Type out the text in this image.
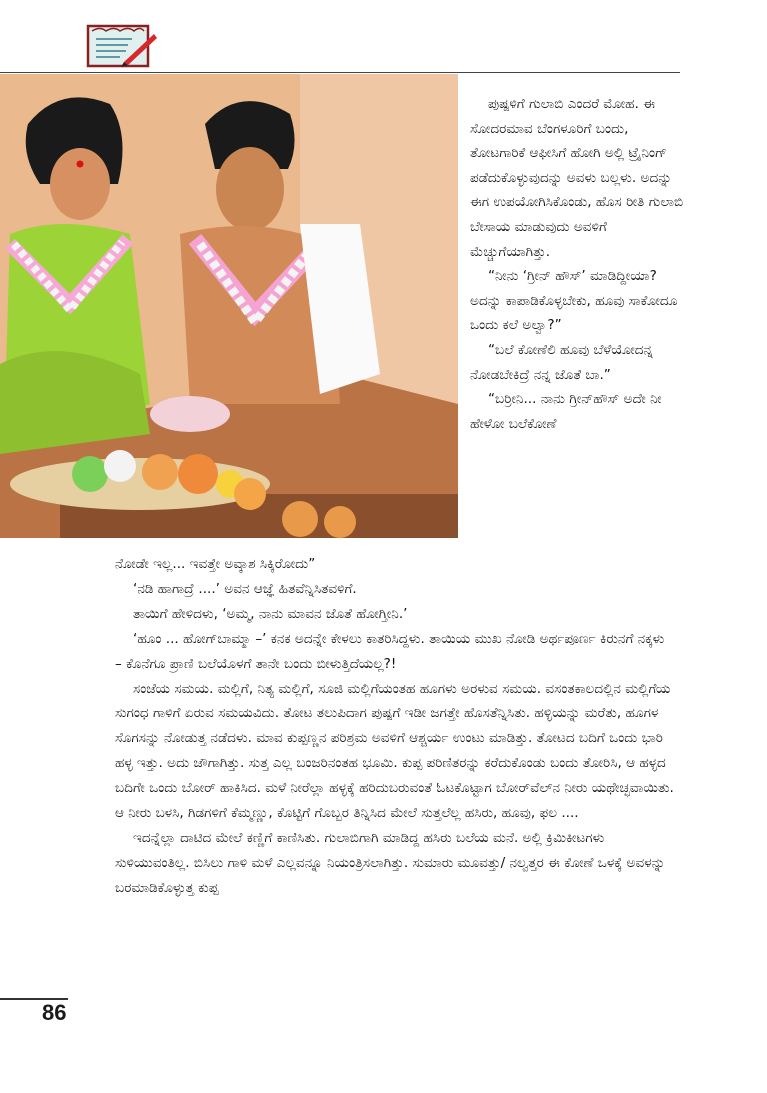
ಪುಷ್ಪಳಿಗೆ ಗುಲಾಬಿ ಎಂದರೆ ಮೋಹ. ಈ ಸೋದರಮಾವ ಬೆಂಗಳೂರಿಗೆ ಬಂದು, ತೋಟಗಾರಿಕೆ ಆಫೀಸಿಗೆ ಹೋಗಿ ಅಲ್ಲಿ ಟ್ರೈನಿಂಗ್ ಪಡೆದುಕೊಳ್ಳುವುದನ್ನು ಅವಳು ಬಲ್ಲಳು. ಅದನ್ನು ಈಗ ಉಪಯೋಗಿಸಿಕೊಂಡು, ಹೊಸ ರೀತಿ ಗುಲಾಬಿ ಬೇಸಾಯ ಮಾಡುವುದು ಅವಳಿಗೆ ಮೆಚ್ಚುಗೆಯಾಗಿತ್ತು.

“ನೀನು ‘ಗ್ರೀನ್ ಹೌಸ್’ ಮಾಡಿದ್ದೀಯಾ? ಅದನ್ನು ಕಾಪಾಡಿಕೊಳ್ಳಬೇಕು, ಹೂವು ಸಾಕೋದೂ ಒಂದು ಕಲೆ ಅಲ್ವಾ?”

“ಬಲೆ ಕೋಣೆಲಿ ಹೂವು ಬೆಳೆಯೋದನ್ನ ನೋಡಬೇಕಿದ್ರೆ ನನ್ನ ಜೊತೆ ಬಾ.”

“ಬರ್‍ರೀನಿ... ನಾನು ಗ್ರೀನ್‌ಹೌಸ್ ಅದೇ ನೀ ಹೇಳೋ ಬಲೆಕೋಣೆ

ನೋಡೇ ಇಲ್ಲ... ಇವತ್ತೇ ಅವ್ಕಾಶ ಸಿಕ್ಕಿರೋದು”

‘ನಡಿ ಹಾಗಾದ್ರೆ ....’ ಅವನ ಆಜ್ಞೆ ಹಿತವೆನ್ನಿಸಿತವಳಿಗೆ.

ತಾಯಿಗೆ ಹೇಳಿದಳು, ‘ಅಮ್ಮ, ನಾನು ಮಾವನ ಜೊತೆ ಹೋಗ್ತೀನಿ.’

‘ಹೂಂ ... ಹೋಗ್‌ಬಾಮ್ಮಾ –’ ಕನಕ ಅದನ್ನೇ ಕೇಳಲು ಕಾತರಿಸಿದ್ದಳು. ತಾಯಿಯ ಮುಖ ನೋಡಿ ಅರ್ಥಪೂರ್ಣ ಕಿರುನಗೆ ನಕ್ಕಳು – ಕೊನೆಗೂ ಪ್ರಾಣಿ ಬಲೆಯೊಳಗೆ ತಾನೇ ಬಂದು ಬೀಳುತ್ತಿದೆಯಲ್ಲ?!

ಸಂಜೆಯ ಸಮಯ. ಮಲ್ಲಿಗೆ, ನಿತ್ಯ ಮಲ್ಲಿಗೆ, ಸೂಜಿ ಮಲ್ಲಿಗೆಯಂತಹ ಹೂಗಳು ಅರಳುವ ಸಮಯ. ವಸಂತಕಾಲದಲ್ಲಿನ ಮಲ್ಲಿಗೆಯ ಸುಗಂಧ ಗಾಳಿಗೆ ಏರುವ ಸಮಯವಿದು. ತೋಟ ತಲುಪಿದಾಗ ಪುಷ್ಪಗೆ ಇಡೀ ಜಗತ್ತೇ ಹೊಸತೆನ್ನಿಸಿತು. ಹಳ್ಳಿಯನ್ನು ಮರೆತು, ಹೂಗಳ ಸೊಗಸನ್ನು ನೋಡುತ್ತ ನಡೆದಳು. ಮಾವ ಕುಪ್ಪಣ್ಣನ ಪರಿಶ್ರಮ ಅವಳಿಗೆ ಆಶ್ಚರ್ಯ ಉಂಟು ಮಾಡಿತ್ತು. ತೋಟದ ಬದಿಗೆ ಒಂದು ಭಾರಿ ಹಳ್ಳ ಇತ್ತು. ಅದು ಜೌಗಾಗಿತ್ತು. ಸುತ್ತ ಎಲ್ಲ ಬಂಜರಿನಂತಹ ಭೂಮಿ. ಕುಪ್ಪ ಪರಿಣಿತರನ್ನು ಕರೆದುಕೊಂಡು ಬಂದು ತೋರಿಸಿ, ಆ ಹಳ್ಳದ ಬದಿಗೇ ಒಂದು ಬೋರ್ ಹಾಕಿಸಿದ. ಮಳೆ ನೀರೆಲ್ಲಾ ಹಳ್ಳಕ್ಕೆ ಹರಿದುಬರುವಂತೆ ಓಟಕೊಟ್ಟಾಗ ಬೋರ್‌ವೆಲ್‌ನ ನೀರು ಯಥೇಚ್ಛವಾಯಿತು. ಆ ನೀರು ಬಳಸಿ, ಗಿಡಗಳಿಗೆ ಕೆಮ್ಮಣ್ಣು, ಕೊಟ್ಟಿಗೆ ಗೊಬ್ಬರ ತಿನ್ನಿಸಿದ ಮೇಲೆ ಸುತ್ತಲೆಲ್ಲ ಹಸಿರು, ಹೂವು, ಫಲ ....

ಇದನ್ನೆಲ್ಲಾ ದಾಟಿದ ಮೇಲೆ ಕಣ್ಣಿಗೆ ಕಾಣಿಸಿತು. ಗುಲಾಬಿಗಾಗಿ ಮಾಡಿದ್ದ ಹಸಿರು ಬಲೆಯ ಮನೆ. ಅಲ್ಲಿ ಕ್ರಿಮಿಕೀಟಗಳು ಸುಳಿಯುವಂತಿಲ್ಲ. ಬಿಸಿಲು ಗಾಳಿ ಮಳೆ ಎಲ್ಲವನ್ನೂ ನಿಯಂತ್ರಿಸಲಾಗಿತ್ತು. ಸುಮಾರು ಮೂವತ್ತು/ ನಲ್ವತ್ತರ ಈ ಕೋಣೆ ಒಳಕ್ಕೆ ಅವಳನ್ನು ಬರಮಾಡಿಕೊಳ್ಳುತ್ತ ಕುಪ್ಪ

86
